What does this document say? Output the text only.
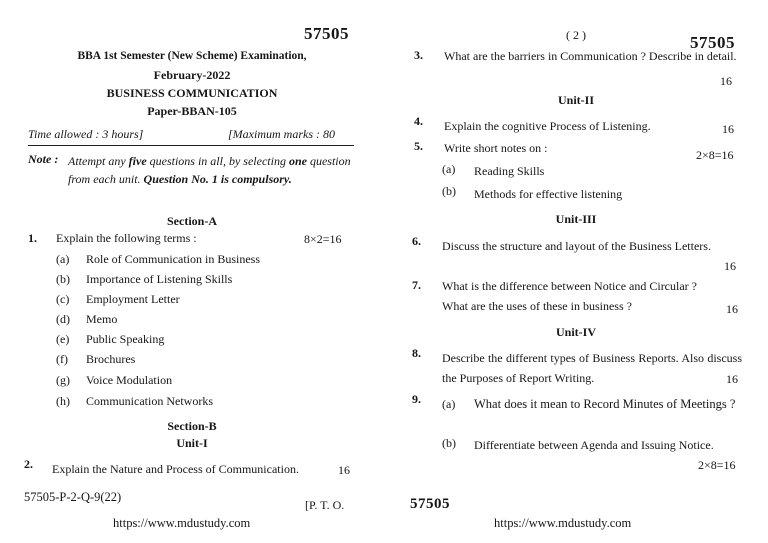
57505
BBA 1st Semester (New Scheme) Examination,
February-2022
BUSINESS COMMUNICATION
Paper-BBAN-105
Time allowed : 3 hours]	[Maximum marks : 80
Note : Attempt any five questions in all, by selecting one question from each unit. Question No. 1 is compulsory.
Section-A
1. Explain the following terms :	8×2=16
(a) Role of Communication in Business
(b) Importance of Listening Skills
(c) Employment Letter
(d) Memo
(e) Public Speaking
(f) Brochures
(g) Voice Modulation
(h) Communication Networks
Section-B
Unit-I
2. Explain the Nature and Process of Communication.	16
57505-P-2-Q-9(22)
[P. T. O.
https://www.mdustudy.com
( 2 )	57505
3. What are the barriers in Communication ? Describe in detail.
16
Unit-II
4. Explain the cognitive Process of Listening.	16
5. Write short notes on :	2×8=16
(a) Reading Skills
(b) Methods for effective listening
Unit-III
6. Discuss the structure and layout of the Business Letters.
16
7. What is the difference between Notice and Circular ?
What are the uses of these in business ?	16
Unit-IV
8. Describe the different types of Business Reports. Also discuss the Purposes of Report Writing.	16
9. (a) What does it mean to Record Minutes of Meetings ?
(b) Differentiate between Agenda and Issuing Notice.
2×8=16
57505
https://www.mdustudy.com
